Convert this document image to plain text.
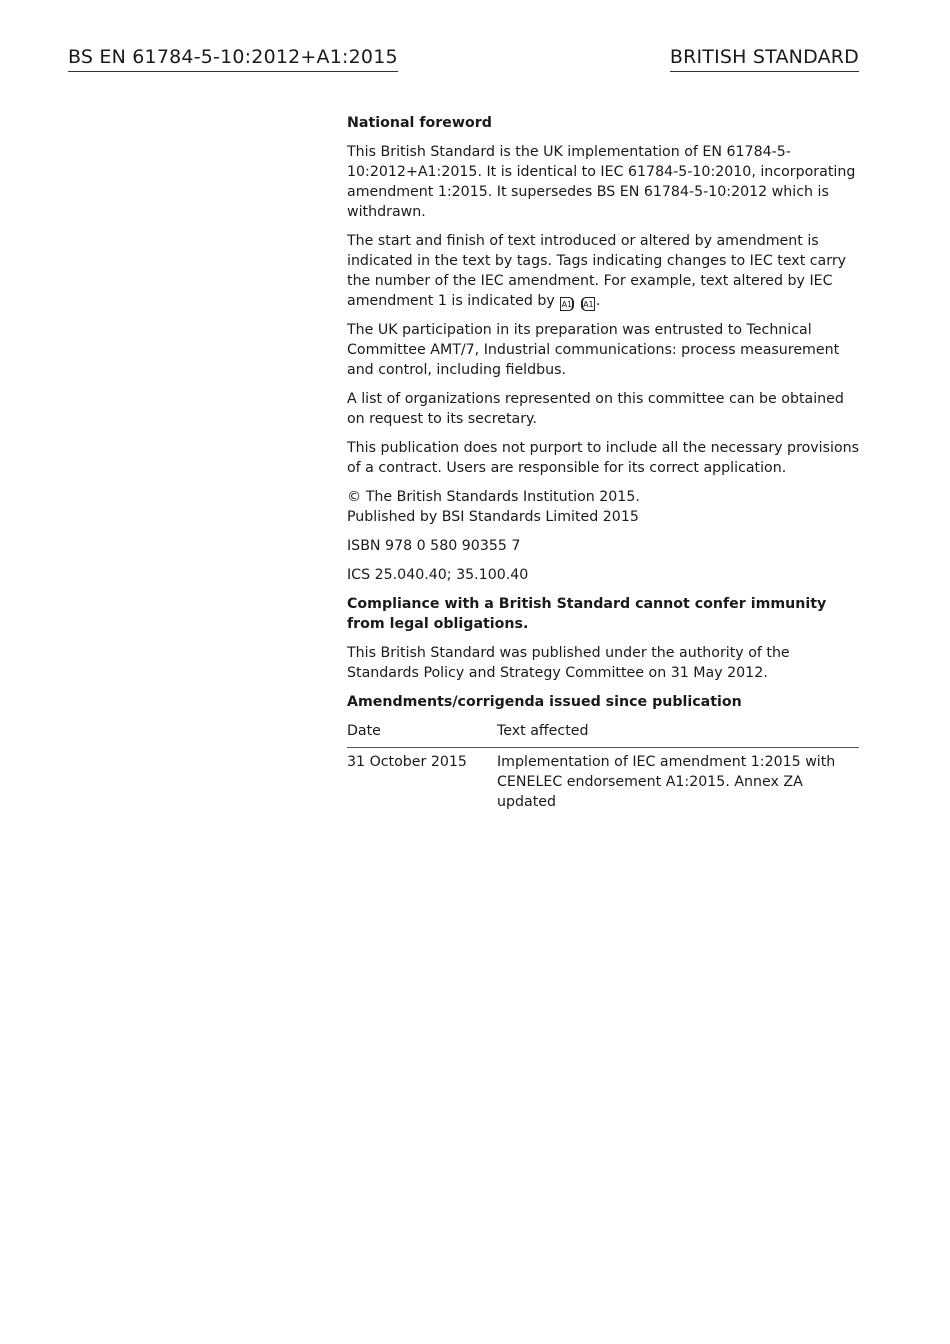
BS EN 61784-5-10:2012+A1:2015	BRITISH STANDARD
National foreword

This British Standard is the UK implementation of EN 61784-5-10:2012+A1:2015. It is identical to IEC 61784-5-10:2010, incorporating amendment 1:2015. It supersedes BS EN 61784-5-10:2012 which is withdrawn.

The start and finish of text introduced or altered by amendment is indicated in the text by tags. Tags indicating changes to IEC text carry the number of the IEC amendment. For example, text altered by IEC amendment 1 is indicated by A1 A1 .

The UK participation in its preparation was entrusted to Technical Committee AMT/7, Industrial communications: process measurement and control, including fieldbus.

A list of organizations represented on this committee can be obtained on request to its secretary.

This publication does not purport to include all the necessary provisions of a contract. Users are responsible for its correct application.

© The British Standards Institution 2015.
Published by BSI Standards Limited 2015

ISBN 978 0 580 90355 7

ICS 25.040.40; 35.100.40

Compliance with a British Standard cannot confer immunity from legal obligations.

This British Standard was published under the authority of the Standards Policy and Strategy Committee on 31 May 2012.

Amendments/corrigenda issued since publication
Date	Text affected
31 October 2015	Implementation of IEC amendment 1:2015 with CENELEC endorsement A1:2015. Annex ZA updated
